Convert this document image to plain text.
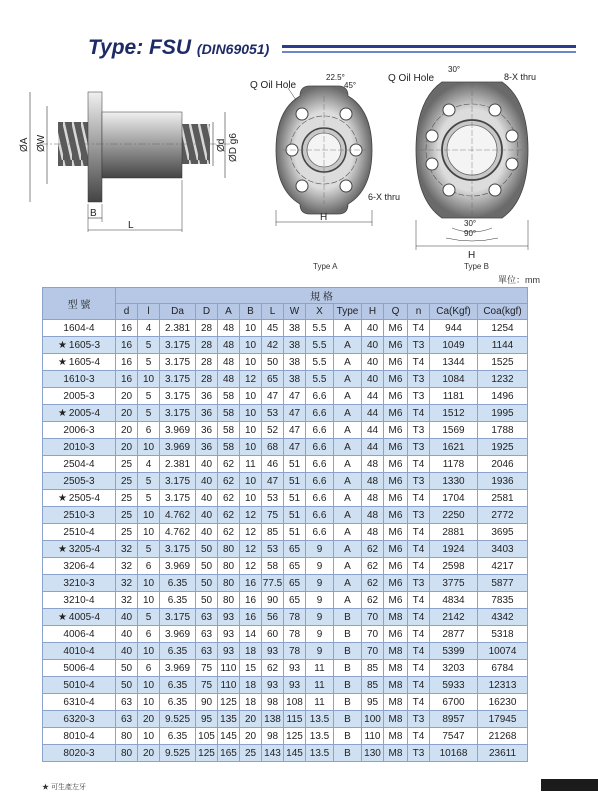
Type: FSU (DIN69051)
ØA ØW	ØD g6
Ød
B
L
Q Oil Hole
22.5°
45°
6-X thru
H
Q Oil Hole
30°
8-X thru
30°
90°
H
Type A	Type B
單位：mm
型 號	規 格														
	d	l	Da	D	A	B	L	W	X	Type	H	Q	n	Ca(Kgf)	Coa(kgf)
1604-4	16	4	2.381	28	48	10	45	38	5.5	A	40	M6	T4	944	1254
★ 1605-3	16	5	3.175	28	48	10	42	38	5.5	A	40	M6	T3	1049	1144
★ 1605-4	16	5	3.175	28	48	10	50	38	5.5	A	40	M6	T4	1344	1525
1610-3	16	10	3.175	28	48	12	65	38	5.5	A	40	M6	T3	1084	1232
2005-3	20	5	3.175	36	58	10	47	47	6.6	A	44	M6	T3	1181	1496
★ 2005-4	20	5	3.175	36	58	10	53	47	6.6	A	44	M6	T4	1512	1995
2006-3	20	6	3.969	36	58	10	52	47	6.6	A	44	M6	T3	1569	1788
2010-3	20	10	3.969	36	58	10	68	47	6.6	A	44	M6	T3	1621	1925
2504-4	25	4	2.381	40	62	11	46	51	6.6	A	48	M6	T4	1178	2046
2505-3	25	5	3.175	40	62	10	47	51	6.6	A	48	M6	T3	1330	1936
★ 2505-4	25	5	3.175	40	62	10	53	51	6.6	A	48	M6	T4	1704	2581
2510-3	25	10	4.762	40	62	12	75	51	6.6	A	48	M6	T3	2250	2772
2510-4	25	10	4.762	40	62	12	85	51	6.6	A	48	M6	T4	2881	3695
★ 3205-4	32	5	3.175	50	80	12	53	65	9	A	62	M6	T4	1924	3403
3206-4	32	6	3.969	50	80	12	58	65	9	A	62	M6	T4	2598	4217
3210-3	32	10	6.35	50	80	16	77.5	65	9	A	62	M6	T3	3775	5877
3210-4	32	10	6.35	50	80	16	90	65	9	A	62	M6	T4	4834	7835
★ 4005-4	40	5	3.175	63	93	16	56	78	9	B	70	M8	T4	2142	4342
4006-4	40	6	3.969	63	93	14	60	78	9	B	70	M6	T4	2877	5318
4010-4	40	10	6.35	63	93	18	93	78	9	B	70	M8	T4	5399	10074
5006-4	50	6	3.969	75	110	15	62	93	11	B	85	M8	T4	3203	6784
5010-4	50	10	6.35	75	110	18	93	93	11	B	85	M8	T4	5933	12313
6310-4	63	10	6.35	90	125	18	98	108	11	B	95	M8	T4	6700	16230
6320-3	63	20	9.525	95	135	20	138	115	13.5	B	100	M8	T3	8957	17945
8010-4	80	10	6.35	105	145	20	98	125	13.5	B	110	M8	T4	7547	21268
8020-3	80	20	9.525	125	165	25	143	145	13.5	B	130	M8	T3	10168	23611
★ 可生產左牙
